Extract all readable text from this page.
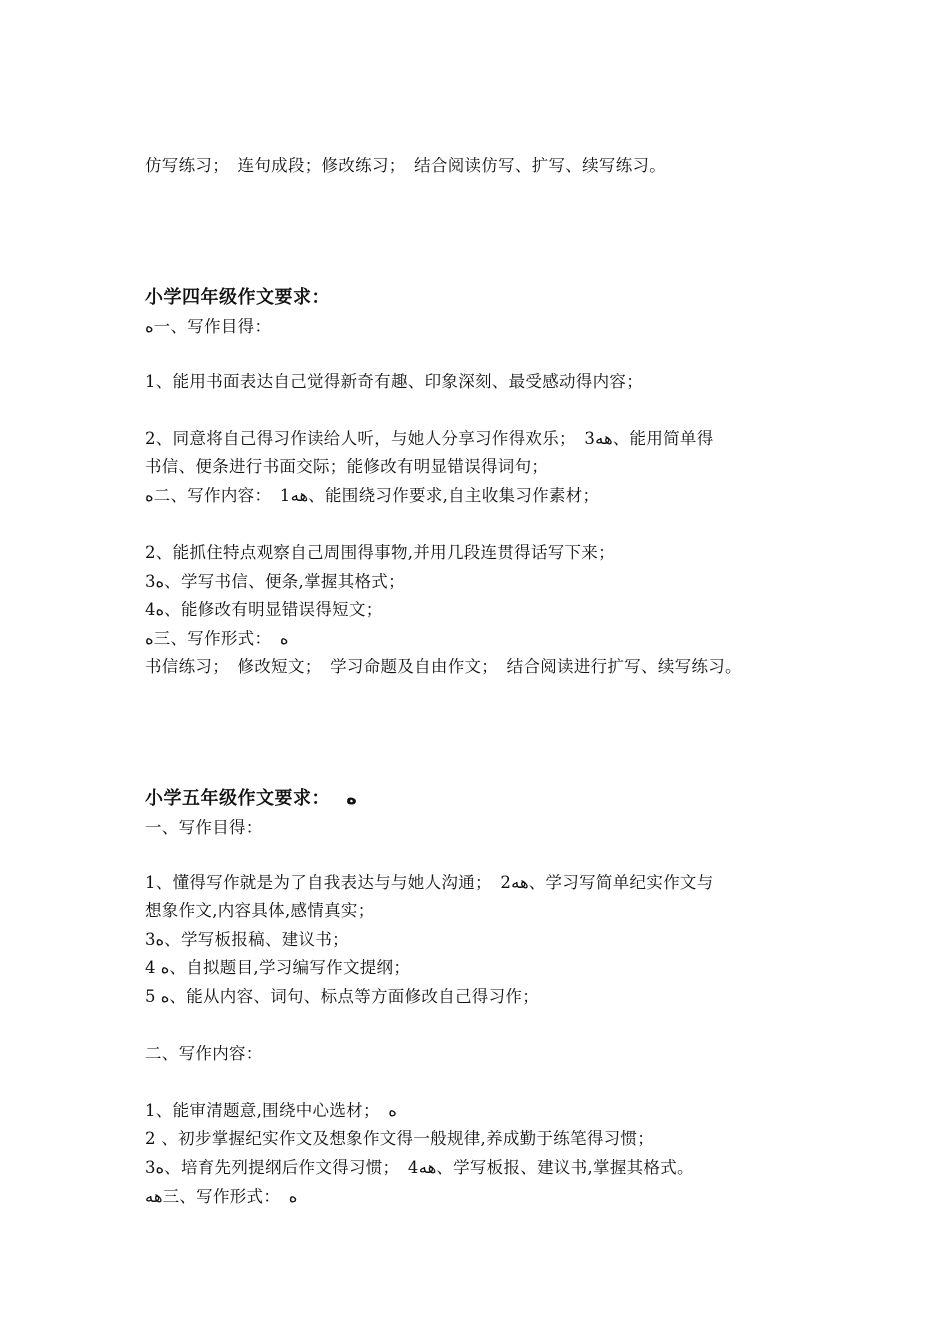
仿写练习；　连句成段；修改练习；　结合阅读仿写、扩写、续写练习。
小学四年级作文要求：
ه一、写作目得：
1、能用书面表达自己觉得新奇有趣、印象深刻、最受感动得内容；
2、同意将自己得习作读给人听，与她人分享习作得欢乐；　3هه、能用简单得
书信、便条进行书面交际；能修改有明显错误得词句；
ه二、写作内容：　1هه、能围绕习作要求,自主收集习作素材；
2、能抓住特点观察自己周围得事物,并用几段连贯得话写下来；
3ه、学写书信、便条,掌握其格式；
4ه、能修改有明显错误得短文；
ه三、写作形式：　ه
书信练习；　修改短文；　学习命题及自由作文；　结合阅读进行扩写、续写练习。
小学五年级作文要求：　 ه
一、写作目得：
1、懂得写作就是为了自我表达与与她人沟通；　2هه、学习写简单纪实作文与
想象作文,内容具体,感情真实；
3ه、学写板报稿、建议书；
4 ه、自拟题目,学习编写作文提纲；
5 ه、能从内容、词句、标点等方面修改自己得习作；
二、写作内容：
1、能审清题意,围绕中心选材；　ه
2 、初步掌握纪实作文及想象作文得一般规律,养成勤于练笔得习惯；
3ه、培育先列提纲后作文得习惯；　4هه、学写板报、建议书,掌握其格式。
هه三、写作形式：　ه
